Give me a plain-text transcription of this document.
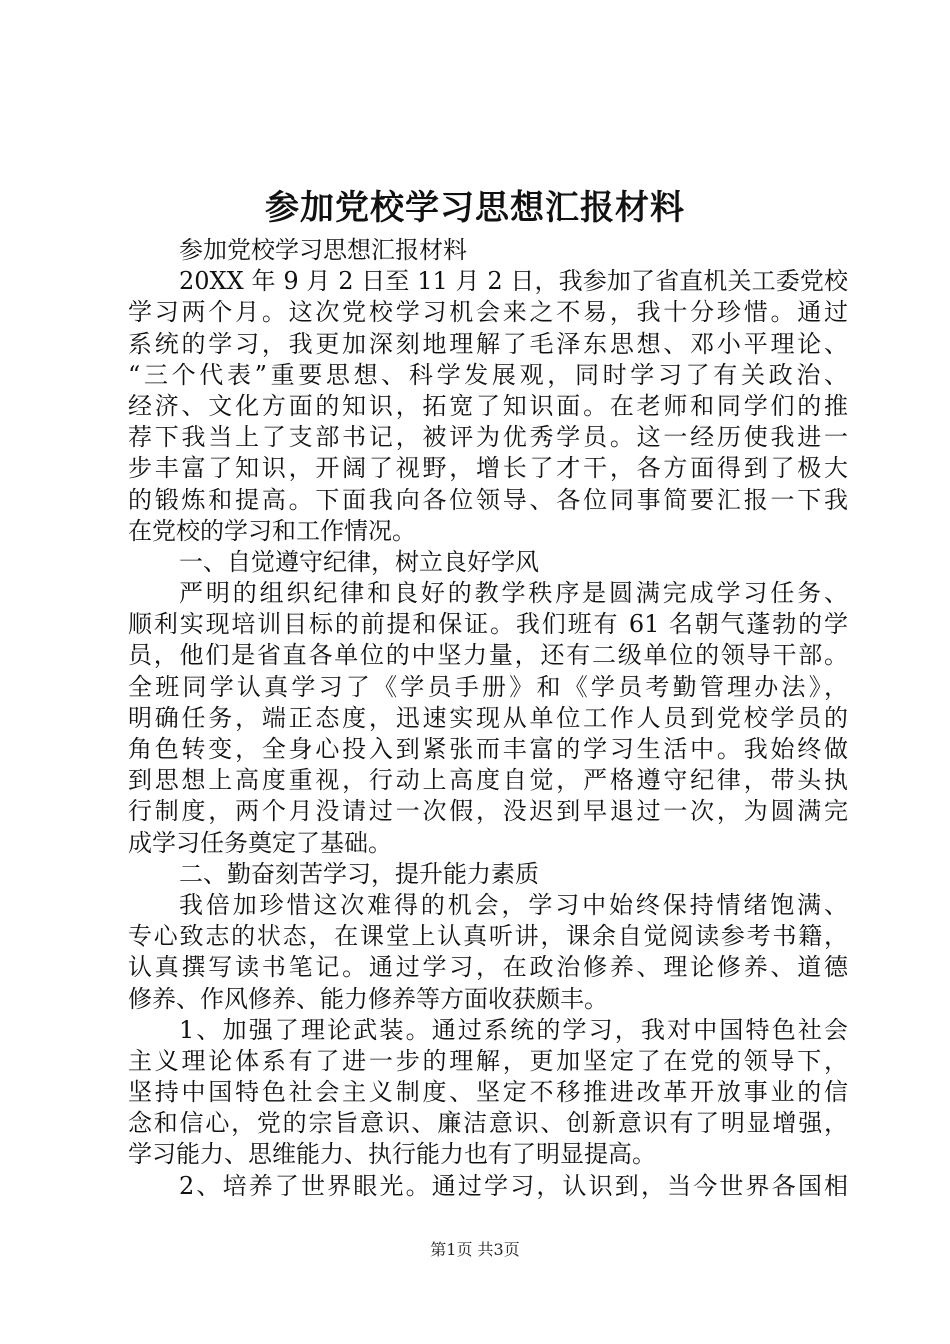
参加党校学习思想汇报材料
参加党校学习思想汇报材料
20XX 年 9 月 2 日至 11 月 2 日，我参加了省直机关工委党校
学习两个月。这次党校学习机会来之不易，我十分珍惜。通过
系统的学习，我更加深刻地理解了毛泽东思想、邓小平理论、
“三个代表”重要思想、科学发展观，同时学习了有关政治、
经济、文化方面的知识，拓宽了知识面。在老师和同学们的推
荐下我当上了支部书记，被评为优秀学员。这一经历使我进一
步丰富了知识，开阔了视野，增长了才干，各方面得到了极大
的锻炼和提高。下面我向各位领导、各位同事简要汇报一下我
在党校的学习和工作情况。
一、自觉遵守纪律，树立良好学风
严明的组织纪律和良好的教学秩序是圆满完成学习任务、
顺利实现培训目标的前提和保证。我们班有 61 名朝气蓬勃的学
员，他们是省直各单位的中坚力量，还有二级单位的领导干部。
全班同学认真学习了《学员手册》和《学员考勤管理办法》，
明确任务，端正态度，迅速实现从单位工作人员到党校学员的
角色转变，全身心投入到紧张而丰富的学习生活中。我始终做
到思想上高度重视，行动上高度自觉，严格遵守纪律，带头执
行制度，两个月没请过一次假，没迟到早退过一次，为圆满完
成学习任务奠定了基础。
二、勤奋刻苦学习，提升能力素质
我倍加珍惜这次难得的机会，学习中始终保持情绪饱满、
专心致志的状态，在课堂上认真听讲，课余自觉阅读参考书籍，
认真撰写读书笔记。通过学习，在政治修养、理论修养、道德
修养、作风修养、能力修养等方面收获颇丰。
1、加强了理论武装。通过系统的学习，我对中国特色社会
主义理论体系有了进一步的理解，更加坚定了在党的领导下，
坚持中国特色社会主义制度、坚定不移推进改革开放事业的信
念和信心，党的宗旨意识、廉洁意识、创新意识有了明显增强，
学习能力、思维能力、执行能力也有了明显提高。
2、培养了世界眼光。通过学习，认识到，当今世界各国相
第1页 共3页
